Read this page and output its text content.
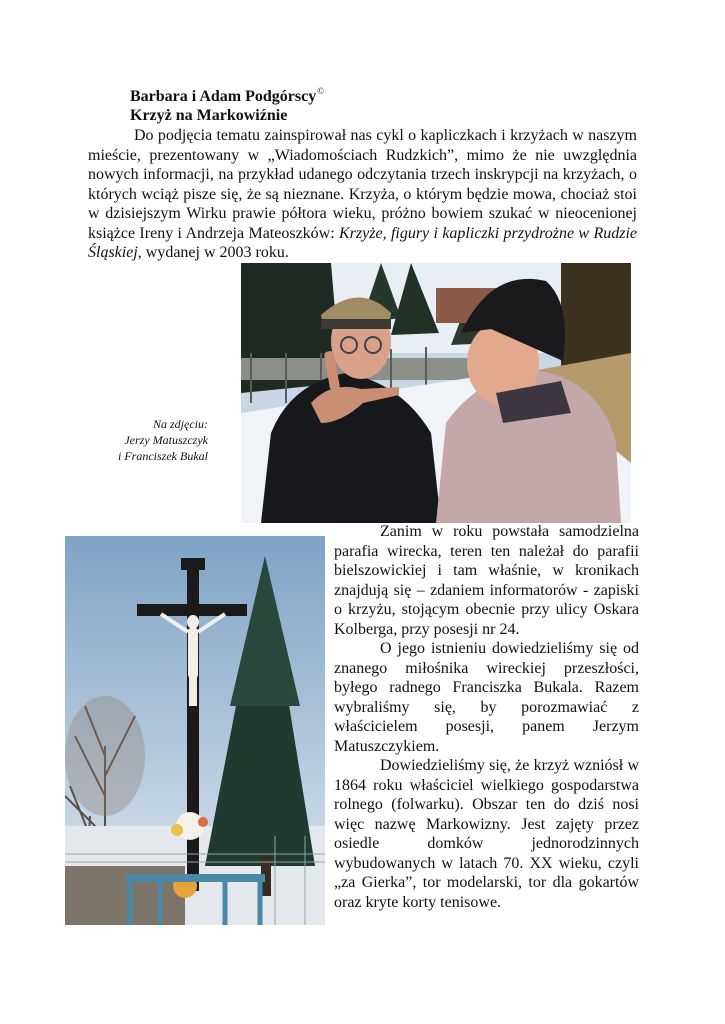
Barbara i Adam Podgórscy©
Krzyż na Markowiźnie

Do podjęcia tematu zainspirował nas cykl o kapliczkach i krzyżach w naszym mieście, prezentowany w „Wiadomościach Rudzkich”, mimo że nie uwzględnia nowych informacji, na przykład udanego odczytania trzech inskrypcji na krzyżach, o których wciąż pisze się, że są nieznane. Krzyża, o którym będzie mowa, chociaż stoi w dzisiejszym Wirku prawie półtora wieku, próżno bowiem szukać w nieocenionej książce Ireny i Andrzeja Mateoszków: Krzyże, figury i kapliczki przydrożne w Rudzie Śląskiej, wydanej w 2003 roku.

Na zdjęciu:
Jerzy Matuszczyk
i Franciszek Bukal

Zanim w roku powstała samodzielna parafia wirecka, teren ten należał do parafii bielszowickiej i tam właśnie, w kronikach znajdują się – zdaniem informatorów - zapiski o krzyżu, stojącym obecnie przy ulicy Oskara Kolberga, przy posesji nr 24.

O jego istnieniu dowiedzieliśmy się od znanego miłośnika wireckiej przeszłości, byłego radnego Franciszka Bukala. Razem wybraliśmy się, by porozmawiać z właścicielem posesji, panem Jerzym Matuszczykiem.

Dowiedzieliśmy się, że krzyż wzniósł w 1864 roku właściciel wielkiego gospodarstwa rolnego (folwarku). Obszar ten do dziś nosi więc nazwę Markowizny. Jest zajęty przez osiedle domków jednorodzinnych wybudowanych w latach 70. XX wieku, czyli „za Gierka”, tor modelarski, tor dla gokartów oraz kryte korty tenisowe.
